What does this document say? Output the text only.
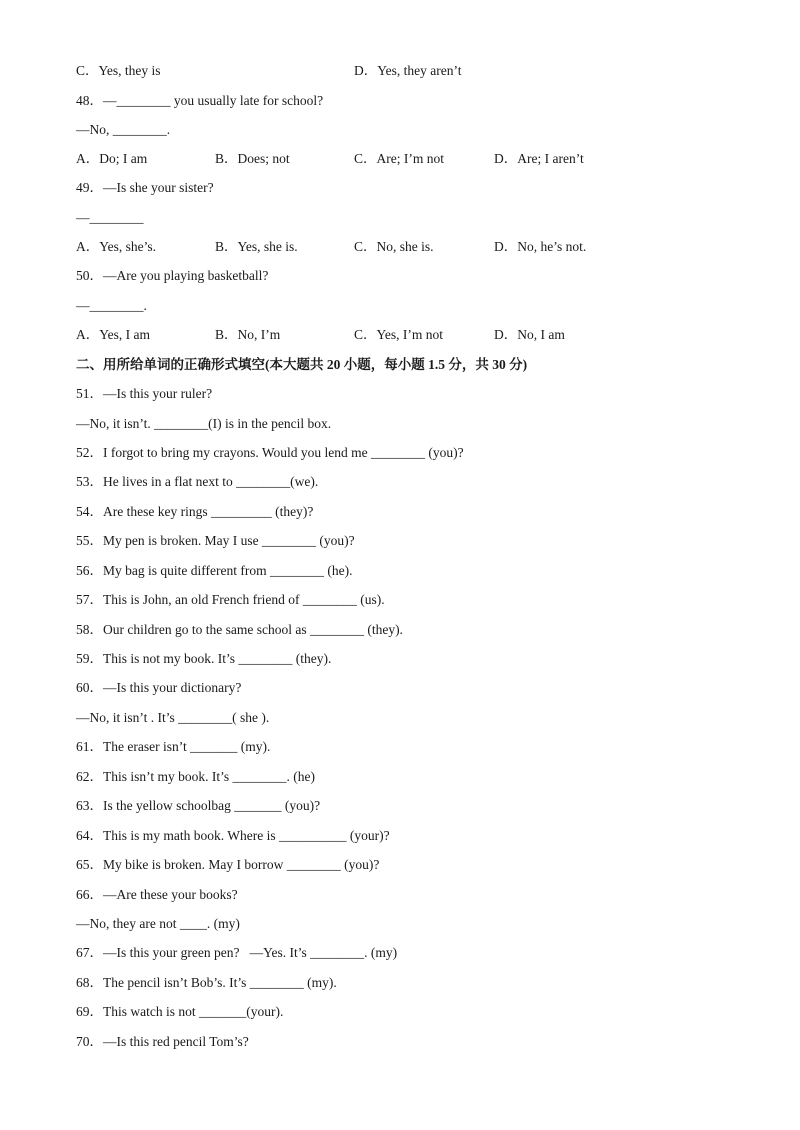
C．Yes, they is	D．Yes, they aren’t
48．—________ you usually late for school?
—No, ________.
A．Do; I am	B．Does; not	C．Are; I’m not	D．Are; I aren’t
49．—Is she your sister?
—________
A．Yes, she’s.	B．Yes, she is.	C．No, she is.	D．No, he’s not.
50．—Are you playing basketball?
—________.
A．Yes, I am	B．No, I’m	C．Yes, I’m not	D．No, I am
二、用所给单词的正确形式填空(本大题共 20 小题，每小题 1.5 分，共 30 分)
51．—Is this your ruler?
—No, it isn’t. ________(I) is in the pencil box.
52．I forgot to bring my crayons. Would you lend me ________ (you)?
53．He lives in a flat next to ________(we).
54．Are these key rings _________ (they)?
55．My pen is broken. May I use ________ (you)?
56．My bag is quite different from ________ (he).
57．This is John, an old French friend of ________ (us).
58．Our children go to the same school as ________ (they).
59．This is not my book. It’s ________ (they).
60．—Is this your dictionary?
—No, it isn’t . It’s ________( she ).
61．The eraser isn’t _______ (my).
62．This isn’t my book. It’s ________. (he)
63．Is the yellow schoolbag _______ (you)?
64．This is my math book. Where is __________ (your)?
65．My bike is broken. May I borrow ________ (you)?
66．—Are these your books?
—No, they are not ____. (my)
67．—Is this your green pen?   —Yes. It’s ________. (my)
68．The pencil isn’t Bob’s. It’s ________ (my).
69．This watch is not _______(your).
70．—Is this red pencil Tom’s?
